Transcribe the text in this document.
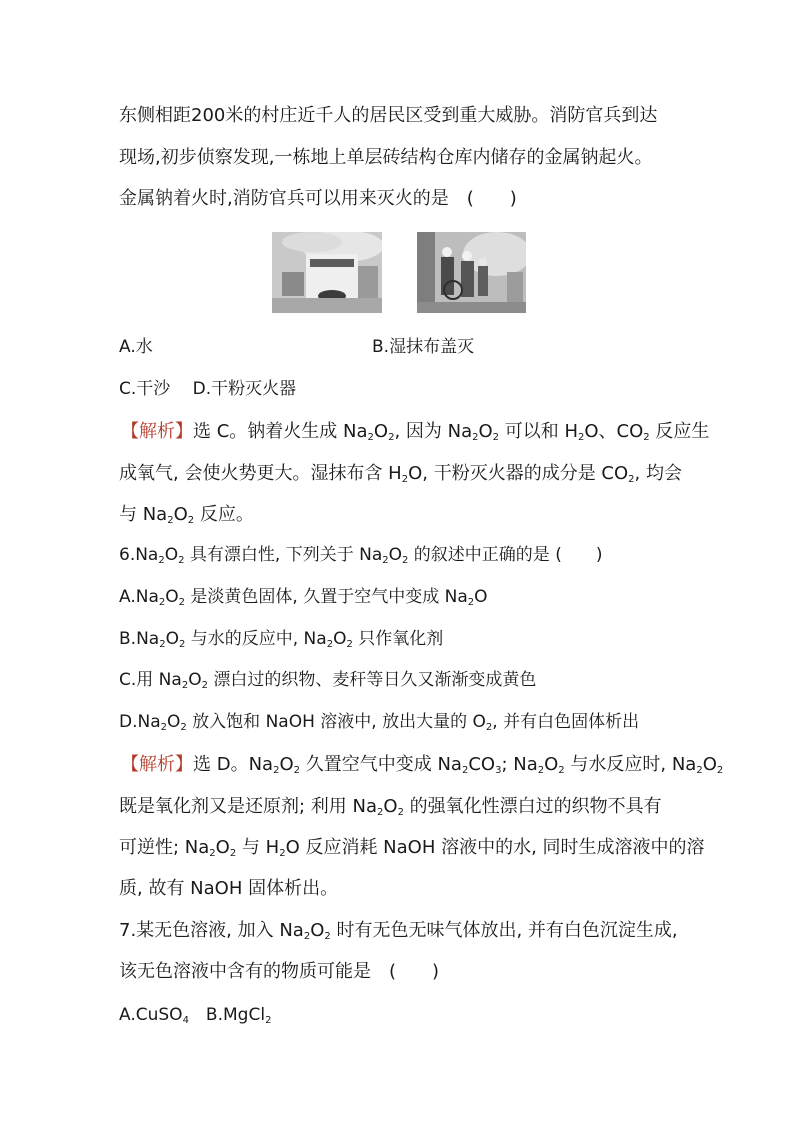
东侧相距200米的村庄近千人的居民区受到重大威胁。消防官兵到达
现场,初步侦察发现,一栋地上单层砖结构仓库内储存的金属钠起火。
金属钠着火时,消防官兵可以用来灭火的是　(　　)
A.水	B.湿抹布盖灭
C.干沙　 D.干粉灭火器
【解析】选 C。钠着火生成 $Na_2O_2$, 因为 $Na_2O_2$ 可以和 $H_2O$、$CO_2$ 反应生
成氧气, 会使火势更大。湿抹布含 $H_2O$, 干粉灭火器的成分是 $CO_2$, 均会
与 $Na_2O_2$ 反应。
$6.Na_2O_2$ 具有漂白性, 下列关于 $Na_2O_2$ 的叙述中正确的是 (　　)
$A.Na_2O_2$ 是淡黄色固体, 久置于空气中变成 $Na_2O$
$B.Na_2O_2$ 与水的反应中, $Na_2O_2$ 只作氧化剂
C.用 $Na_2O_2$ 漂白过的织物、麦秆等日久又渐渐变成黄色
$D.Na_2O_2$ 放入饱和 NaOH 溶液中, 放出大量的 $O_2$, 并有白色固体析出
【解析】选 D。$Na_2O_2$ 久置空气中变成 $Na_2CO_3$; $Na_2O_2$ 与水反应时, $Na_2O_2$
既是氧化剂又是还原剂; 利用 $Na_2O_2$ 的强氧化性漂白过的织物不具有
可逆性; $Na_2O_2$ 与 $H_2O$ 反应消耗 NaOH 溶液中的水, 同时生成溶液中的溶
质, 故有 NaOH 固体析出。
7.某无色溶液, 加入 $Na_2O_2$ 时有无色无味气体放出, 并有白色沉淀生成,
该无色溶液中含有的物质可能是　(　　)
A.CuSO$_4$　B.MgCl$_2$
